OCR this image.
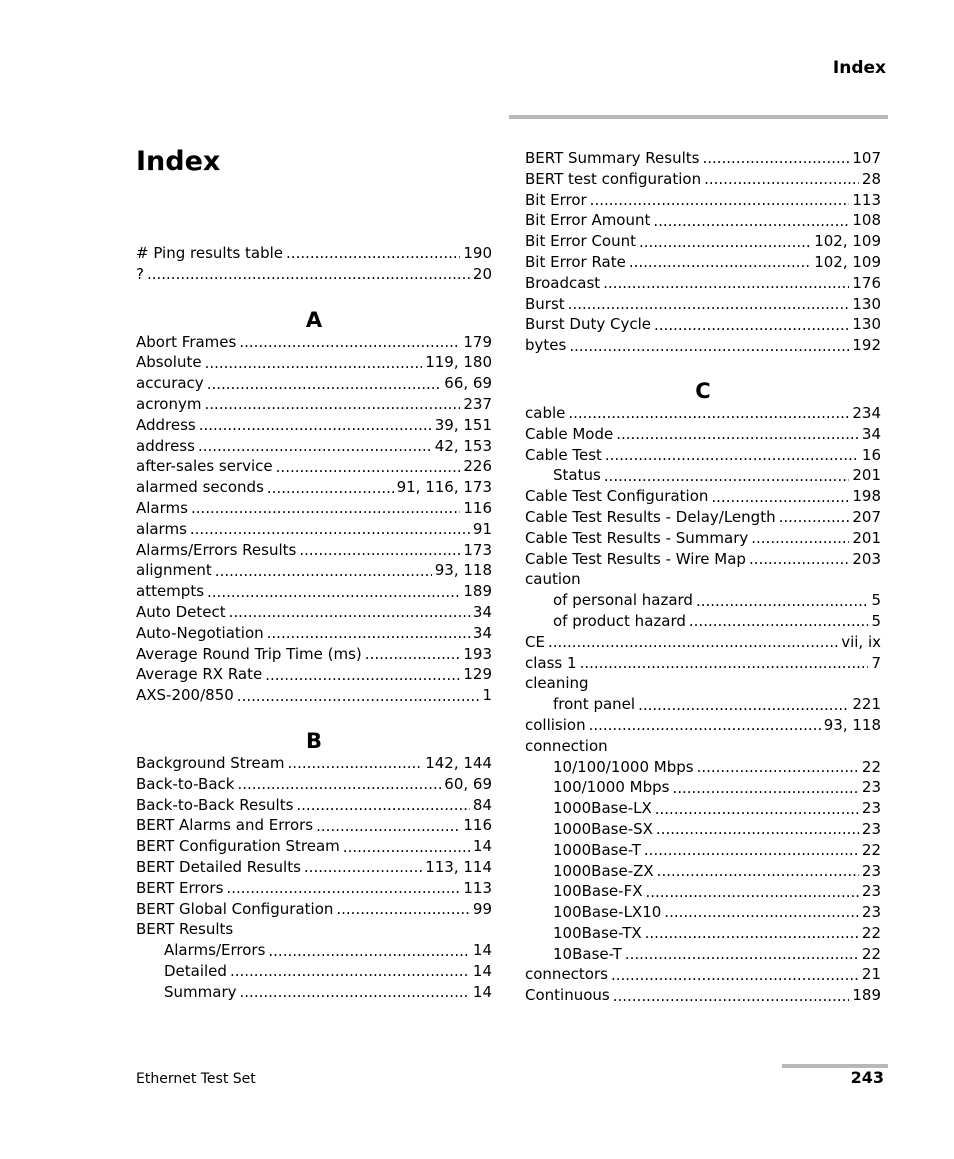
Index
Index
# Ping results table .....	190
? .....	20
A
Abort Frames .....	179
Absolute .....	119, 180
accuracy .....	66, 69
acronym .....	237
Address .....	39, 151
address .....	42, 153
after-sales service .....	226
alarmed seconds .....	91, 116, 173
Alarms .....	116
alarms .....	91
Alarms/Errors Results .....	173
alignment .....	93, 118
attempts .....	189
Auto Detect .....	34
Auto-Negotiation .....	34
Average Round Trip Time (ms) .....	193
Average RX Rate .....	129
AXS-200/850 .....	1
B
Background Stream .....	142, 144
Back-to-Back .....	60, 69
Back-to-Back Results .....	84
BERT Alarms and Errors .....	116
BERT Configuration Stream .....	14
BERT Detailed Results .....	113, 114
BERT Errors .....	113
BERT Global Configuration .....	99
BERT Results
Alarms/Errors .....	14
Detailed .....	14
Summary .....	14
BERT Summary Results .....	107
BERT test configuration .....	28
Bit Error .....	113
Bit Error Amount .....	108
Bit Error Count .....	102, 109
Bit Error Rate .....	102, 109
Broadcast .....	176
Burst .....	130
Burst Duty Cycle .....	130
bytes .....	192
C
cable .....	234
Cable Mode .....	34
Cable Test .....	16
Status .....	201
Cable Test Configuration .....	198
Cable Test Results - Delay/Length .....	207
Cable Test Results - Summary .....	201
Cable Test Results - Wire Map .....	203
caution
of personal hazard .....	5
of product hazard .....	5
CE .....	vii, ix
class 1 .....	7
cleaning
front panel .....	221
collision .....	93, 118
connection
10/100/1000 Mbps .....	22
100/1000 Mbps .....	23
1000Base-LX .....	23
1000Base-SX .....	23
1000Base-T .....	22
1000Base-ZX .....	23
100Base-FX .....	23
100Base-LX10 .....	23
100Base-TX .....	22
10Base-T .....	22
connectors .....	21
Continuous .....	189
Ethernet Test Set	243
